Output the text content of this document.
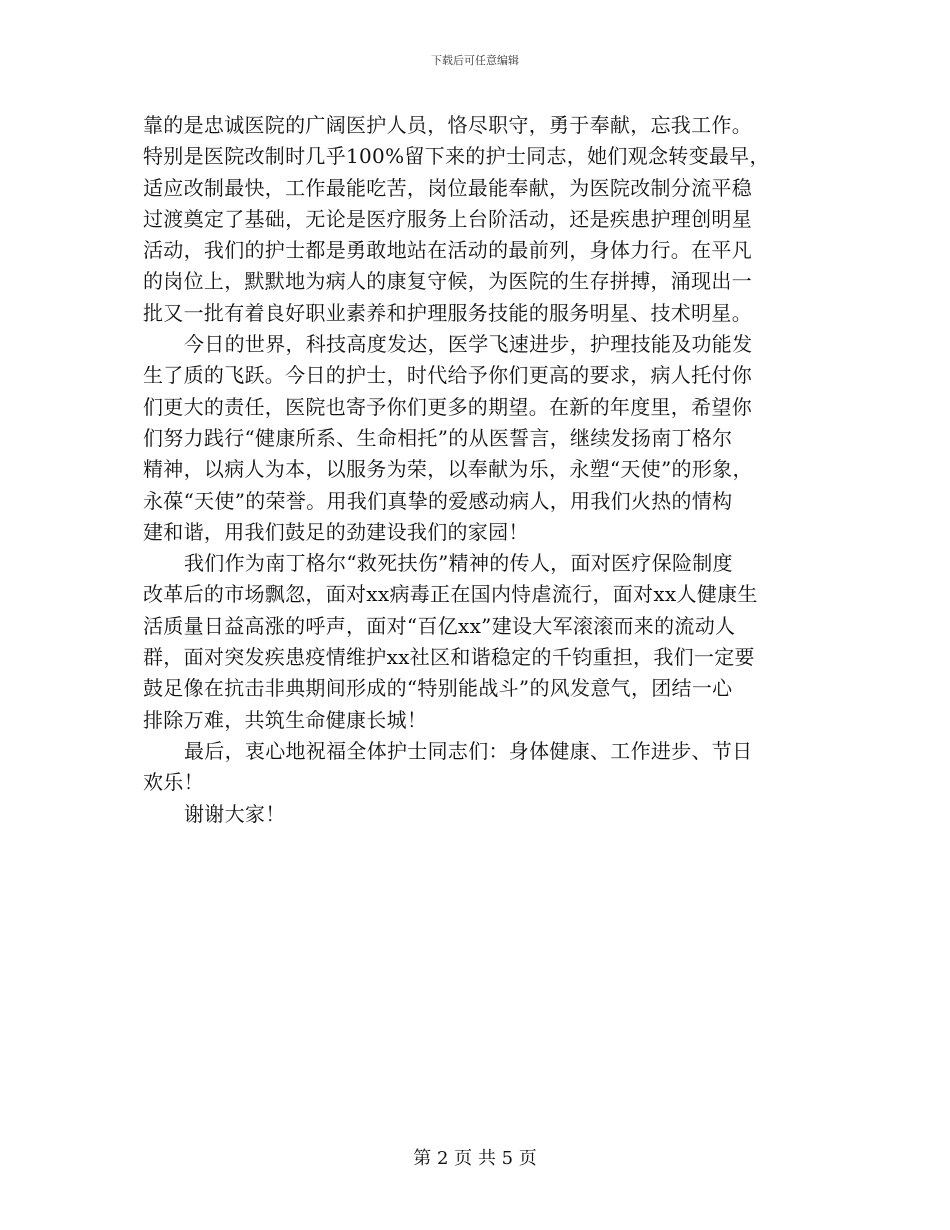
下载后可任意编辑

靠的是忠诚医院的广阔医护人员，恪尽职守，勇于奉献，忘我工作。
特别是医院改制时几乎100%留下来的护士同志，她们观念转变最早，
适应改制最快，工作最能吃苦，岗位最能奉献，为医院改制分流平稳
过渡奠定了基础，无论是医疗服务上台阶活动，还是疾患护理创明星
活动，我们的护士都是勇敢地站在活动的最前列，身体力行。在平凡
的岗位上，默默地为病人的康复守候，为医院的生存拼搏，涌现出一
批又一批有着良好职业素养和护理服务技能的服务明星、技术明星。

今日的世界，科技高度发达，医学飞速进步，护理技能及功能发
生了质的飞跃。今日的护士，时代给予你们更高的要求，病人托付你
们更大的责任，医院也寄予你们更多的期望。在新的年度里，希望你
们努力践行“健康所系、生命相托”的从医誓言，继续发扬南丁格尔
精神，以病人为本，以服务为荣，以奉献为乐，永塑“天使”的形象，
永葆“天使”的荣誉。用我们真挚的爱感动病人，用我们火热的情构
建和谐，用我们鼓足的劲建设我们的家园！

我们作为南丁格尔“救死扶伤”精神的传人，面对医疗保险制度
改革后的市场飘忽，面对xx病毒正在国内恃虐流行，面对xx人健康生
活质量日益高涨的呼声，面对“百亿xx”建设大军滚滚而来的流动人
群，面对突发疾患疫情维护xx社区和谐稳定的千钧重担，我们一定要
鼓足像在抗击非典期间形成的“特别能战斗”的风发意气，团结一心
排除万难，共筑生命健康长城！

最后，衷心地祝福全体护士同志们：身体健康、工作进步、节日
欢乐！

谢谢大家！

第 2 页 共 5 页
